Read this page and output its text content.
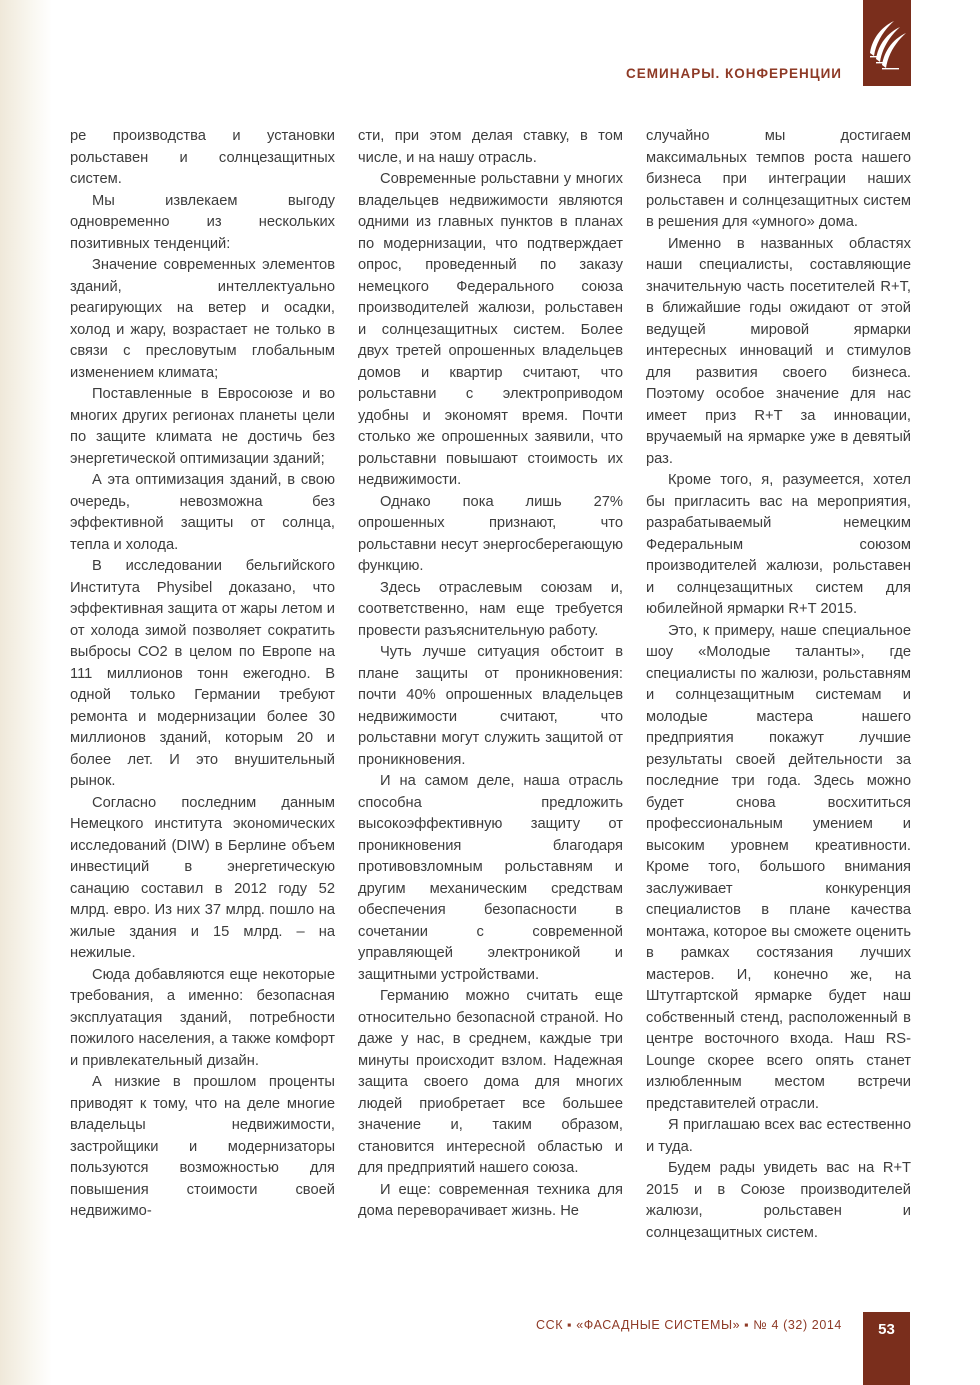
СЕМИНАРЫ. КОНФЕРЕНЦИИ

ре производства и установки рольставен и солнцезащитных систем.

Мы извлекаем выгоду одновременно из нескольких позитивных тенденций:

Значение современных элементов зданий, интеллектуально реагирующих на ветер и осадки, холод и жару, возрастает не только в связи с пресловутым глобальным изменением климата;

Поставленные в Евросоюзе и во многих других регионах планеты цели по защите климата не достичь без энергетической оптимизации зданий;

А эта оптимизация зданий, в свою очередь, невозможна без эффективной защиты от солнца, тепла и холода.

В исследовании бельгийского Института Physibel доказано, что эффективная защита от жары летом и от холода зимой позволяет сократить выбросы СО2 в целом по Европе на 111 миллионов тонн ежегодно. В одной только Германии требуют ремонта и модернизации более 30 миллионов зданий, которым 20 и более лет. И это внушительный рынок.

Согласно последним данным Немецкого института экономических исследований (DIW) в Берлине объем инвестиций в энергетическую санацию составил в 2012 году 52 млрд. евро. Из них 37 млрд. пошло на жилые здания и 15 млрд. – на нежилые.

Сюда добавляются еще некоторые требования, а именно: безопасная эксплуатация зданий, потребности пожилого населения, а также комфорт и привлекательный дизайн.

А низкие в прошлом проценты приводят к тому, что на деле многие владельцы недвижимости, застройщики и модернизаторы пользуются возможностью для повышения стоимости своей недвижимо-

сти, при этом делая ставку, в том числе, и на нашу отрасль.

Современные рольставни у многих владельцев недвижимости являются одними из главных пунктов в планах по модернизации, что подтверждает опрос, проведенный по заказу немецкого Федерального союза производителей жалюзи, рольставен и солнцезащитных систем. Более двух третей опрошенных владельцев домов и квартир считают, что рольставни с электроприводом удобны и экономят время. Почти столько же опрошенных заявили, что рольставни повышают стоимость их недвижимости.

Однако пока лишь 27% опрошенных признают, что рольставни несут энергосберегающую функцию.

Здесь отраслевым союзам и, соответственно, нам еще требуется провести разъяснительную работу.

Чуть лучше ситуация обстоит в плане защиты от проникновения: почти 40% опрошенных владельцев недвижимости считают, что рольставни могут служить защитой от проникновения.

И на самом деле, наша отрасль способна предложить высокоэффективную защиту от проникновения благодаря противовзломным рольставням и другим механическим средствам обеспечения безопасности в сочетании с современной управляющей электроникой и защитными устройствами.

Германию можно считать еще относительно безопасной страной. Но даже у нас, в среднем, каждые три минуты происходит взлом. Надежная защита своего дома для многих людей приобретает все большее значение и, таким образом, становится интересной областью и для предприятий нашего союза.

И еще: современная техника для дома переворачивает жизнь. Не

случайно мы достигаем максимальных темпов роста нашего бизнеса при интеграции наших рольставен и солнцезащитных систем в решения для «умного» дома.

Именно в названных областях наши специалисты, составляющие значительную часть посетителей R+T, в ближайшие годы ожидают от этой ведущей мировой ярмарки интересных инноваций и стимулов для развития своего бизнеса. Поэтому особое значение для нас имеет приз R+T за инновации, вручаемый на ярмарке уже в девятый раз.

Кроме того, я, разумеется, хотел бы пригласить вас на мероприятия, разрабатываемый немецким Федеральным союзом производителей жалюзи, рольставен и солнцезащитных систем для юбилейной ярмарки R+T 2015.

Это, к примеру, наше специальное шоу «Молодые таланты», где специалисты по жалюзи, рольставням и солнцезащитным системам и молодые мастера нашего предприятия покажут лучшие результаты своей дейтельности за последние три года. Здесь можно будет снова восхититься профессиональным умением и высоким уровнем креативности. Кроме того, большого внимания заслуживает конкуренция специалистов в плане качества монтажа, которое вы сможете оценить в рамках состязания лучших мастеров. И, конечно же, на Штутгартской ярмарке будет наш собственный стенд, расположенный в центре восточного входа. Наш RS-Lounge скорее всего опять станет излюбленным местом встречи представителей отрасли.

Я приглашаю всех вас естественно и туда.

Будем рады увидеть вас на R+T 2015 и в Союзе производителей жалюзи, рольставен и солнцезащитных систем.

ССК ▪ «ФАСАДНЫЕ СИСТЕМЫ» ▪ № 4 (32) 2014	53
